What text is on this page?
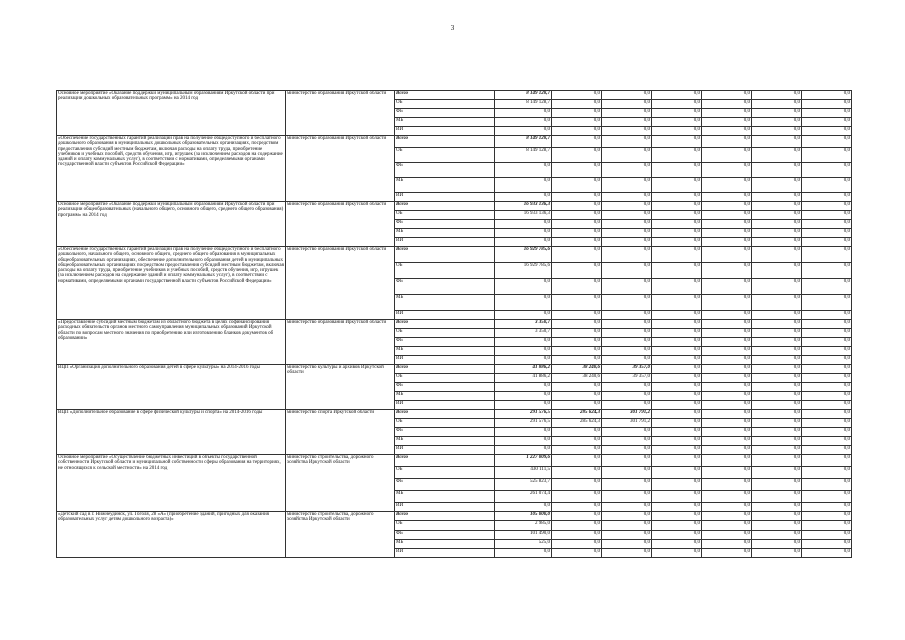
3
Основное мероприятие «Оказание поддержки муниципальным образованиям Иркутской области при реализации дошкольных образовательных программ» на 2014 год	министерство образования Иркутской области	Всего	8 149 128,7	0,0	0,0	0,0	0,0	0,0	0,0
		ОБ	8 149 128,7	0,0	0,0	0,0	0,0	0,0	0,0
		ФБ	0,0	0,0	0,0	0,0	0,0	0,0	0,0
		МБ	0,0	0,0	0,0	0,0	0,0	0,0	0,0
		ИИ	0,0	0,0	0,0	0,0	0,0	0,0	0,0
«Обеспечение государственных гарантий реализации прав на получение общедоступного и бесплатного дошкольного образования в муниципальных дошкольных образовательных организациях, посредством предоставления субсидий местным бюджетам, включая расходы на оплату труда, приобретение учебников и учебных пособий, средств обучения, игр, игрушек (за исключением расходов на содержание зданий и оплату коммунальных услуг), в соответствии с нормативами, определяемыми органами государственной власти субъектов Российской Федерации»	министерство образования Иркутской области	Всего	8 149 128,7	0,0	0,0	0,0	0,0	0,0	0,0
		ОБ	8 149 128,7	0,0	0,0	0,0	0,0	0,0	0,0
		ФБ	0,0	0,0	0,0	0,0	0,0	0,0	0,0
		МБ	0,0	0,0	0,0	0,0	0,0	0,0	0,0
		ИИ	0,0	0,0	0,0	0,0	0,0	0,0	0,0
Основное мероприятие «Оказание поддержки муниципальным образованиям Иркутской области при реализации общеобразовательных (начального общего, основного общего, среднего общего образования) программ» на 2014 год	министерство образования Иркутской области	Всего	16 933 136,3	0,0	0,0	0,0	0,0	0,0	0,0
		ОБ	16 933 136,3	0,0	0,0	0,0	0,0	0,0	0,0
		ФБ	0,0	0,0	0,0	0,0	0,0	0,0	0,0
		МБ	0,0	0,0	0,0	0,0	0,0	0,0	0,0
		ИИ	0,0	0,0	0,0	0,0	0,0	0,0	0,0
«Обеспечение государственных гарантий реализации прав на получение общедоступного и бесплатного дошкольного, начального общего, основного общего, среднего общего образования в муниципальных общеобразовательных организациях, обеспечение дополнительного образования детей в муниципальных общеобразовательных организациях посредством предоставления субсидий местным бюджетам, включая расходы на оплату труда, приобретение учебников и учебных пособий, средств обучения, игр, игрушек (за исключением расходов на содержание зданий и оплату коммунальных услуг), в соответствии с нормативами, определяемыми органами государственной власти субъектов Российской Федерации»	министерство образования Иркутской области	Всего	16 929 785,6	0,0	0,0	0,0	0,0	0,0	0,0
		ОБ	16 929 785,6	0,0	0,0	0,0	0,0	0,0	0,0
		ФБ	0,0	0,0	0,0	0,0	0,0	0,0	0,0
		МБ	0,0	0,0	0,0	0,0	0,0	0,0	0,0
		ИИ	0,0	0,0	0,0	0,0	0,0	0,0	0,0
«Предоставление субсидий местным бюджетам из областного бюджета в целях софинансирования расходных обязательств органов местного самоуправления муниципальных образований Иркутской области по вопросам местного значения по приобретению или изготовлению бланков документов об образовании»	министерство образования Иркутской области	Всего	3 350,7	0,0	0,0	0,0	0,0	0,0	0,0
		ОБ	3 350,7	0,0	0,0	0,0	0,0	0,0	0,0
		ФБ	0,0	0,0	0,0	0,0	0,0	0,0	0,0
		МБ	0,0	0,0	0,0	0,0	0,0	0,0	0,0
		ИИ	0,0	0,0	0,0	0,0	0,0	0,0	0,0
ВЦП «Организация дополнительного образования детей в сфере культуры» на 2014-2016 годы	министерство культуры и архивов Иркутской области	Всего	41 886,2	38 240,6	39 357,0	0,0	0,0	0,0	0,0
		ОБ	41 886,2	38 240,6	39 357,0	0,0	0,0	0,0	0,0
		ФБ	0,0	0,0	0,0	0,0	0,0	0,0	0,0
		МБ	0,0	0,0	0,0	0,0	0,0	0,0	0,0
		ИИ	0,0	0,0	0,0	0,0	0,0	0,0	0,0
ВЦП «Дополнительное образование в сфере физической культуры и спорта» на 2014-2016 годы	министерство спорта Иркутской области	Всего	291 576,5	285 624,3	301 791,2	0,0	0,0	0,0	0,0
		ОБ	291 576,5	285 624,3	301 791,2	0,0	0,0	0,0	0,0
		ФБ	0,0	0,0	0,0	0,0	0,0	0,0	0,0
		МБ	0,0	0,0	0,0	0,0	0,0	0,0	0,0
		ИИ	0,0	0,0	0,0	0,0	0,0	0,0	0,0
Основное мероприятие «Осуществление бюджетных инвестиций в объекты государственной собственности Иркутской области и муниципальной собственности сферы образования на территориях, не относящихся к сельской местности» на 2014 год	министерство строительства, дорожного хозяйства Иркутской области	Всего	1 227 009,6	0,0	0,0	0,0	0,0	0,0	0,0
		ОБ	430 111,5	0,0	0,0	0,0	0,0	0,0	0,0
		ФБ	525 823,7	0,0	0,0	0,0	0,0	0,0	0,0
		МБ	261 074,4	0,0	0,0	0,0	0,0	0,0	0,0
		ИИ	0,0	0,0	0,0	0,0	0,0	0,0	0,0
«Детский сад в г. Нижнеудинск, ул. Гоголя, 28 «А» (приобретение зданий, пригодных для оказания образовательных услуг детям дошкольного возраста)»	министерство строительства, дорожного хозяйства Иркутской области	Всего	105 000,0	0,0	0,0	0,0	0,0	0,0	0,0
		ОБ	2 985,0	0,0	0,0	0,0	0,0	0,0	0,0
		ФБ	101 490,0	0,0	0,0	0,0	0,0	0,0	0,0
		МБ	525,0	0,0	0,0	0,0	0,0	0,0	0,0
		ИИ	0,0	0,0	0,0	0,0	0,0	0,0	0,0
